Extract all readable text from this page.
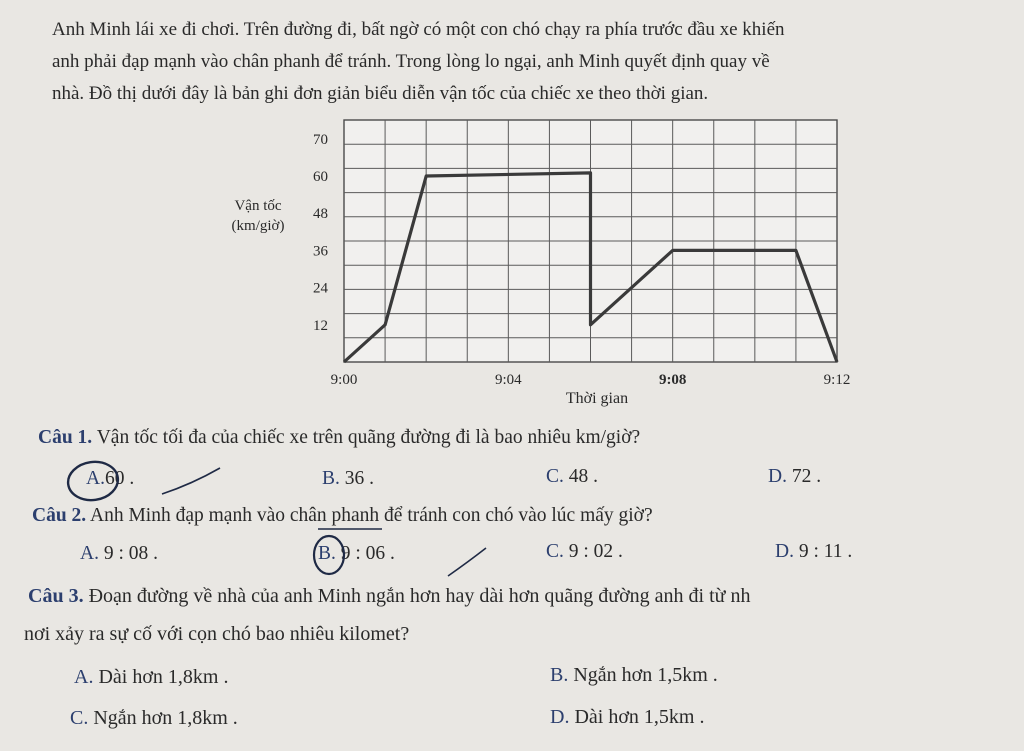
Anh Minh lái xe đi chơi. Trên đường đi, bất ngờ có một con chó chạy ra phía trước đầu xe khiến
anh phải đạp mạnh vào chân phanh để tránh. Trong lòng lo ngại, anh Minh quyết định quay về
nhà. Đồ thị dưới đây là bản ghi đơn giản biểu diễn vận tốc của chiếc xe theo thời gian.
Vận tốc
(km/giờ)
12
24
36
48
60
70
9:00	9:04	9:08	9:12
Thời gian
Câu 1. Vận tốc tối đa của chiếc xe trên quãng đường đi là bao nhiêu km/giờ?
A.60 .	B. 36 .	C. 48 .	D. 72 .
Câu 2. Anh Minh đạp mạnh vào chân phanh để tránh con chó vào lúc mấy giờ?
A. 9 : 08 .	B. 9 : 06 .	C. 9 : 02 .	D. 9 : 11 .
Câu 3. Đoạn đường về nhà của anh Minh ngắn hơn hay dài hơn quãng đường anh đi từ nh
nơi xảy ra sự cố với cọn chó bao nhiêu kilomet?
A. Dài hơn 1,8km .	B. Ngắn hơn 1,5km .
C. Ngắn hơn 1,8km .	D. Dài hơn 1,5km .
